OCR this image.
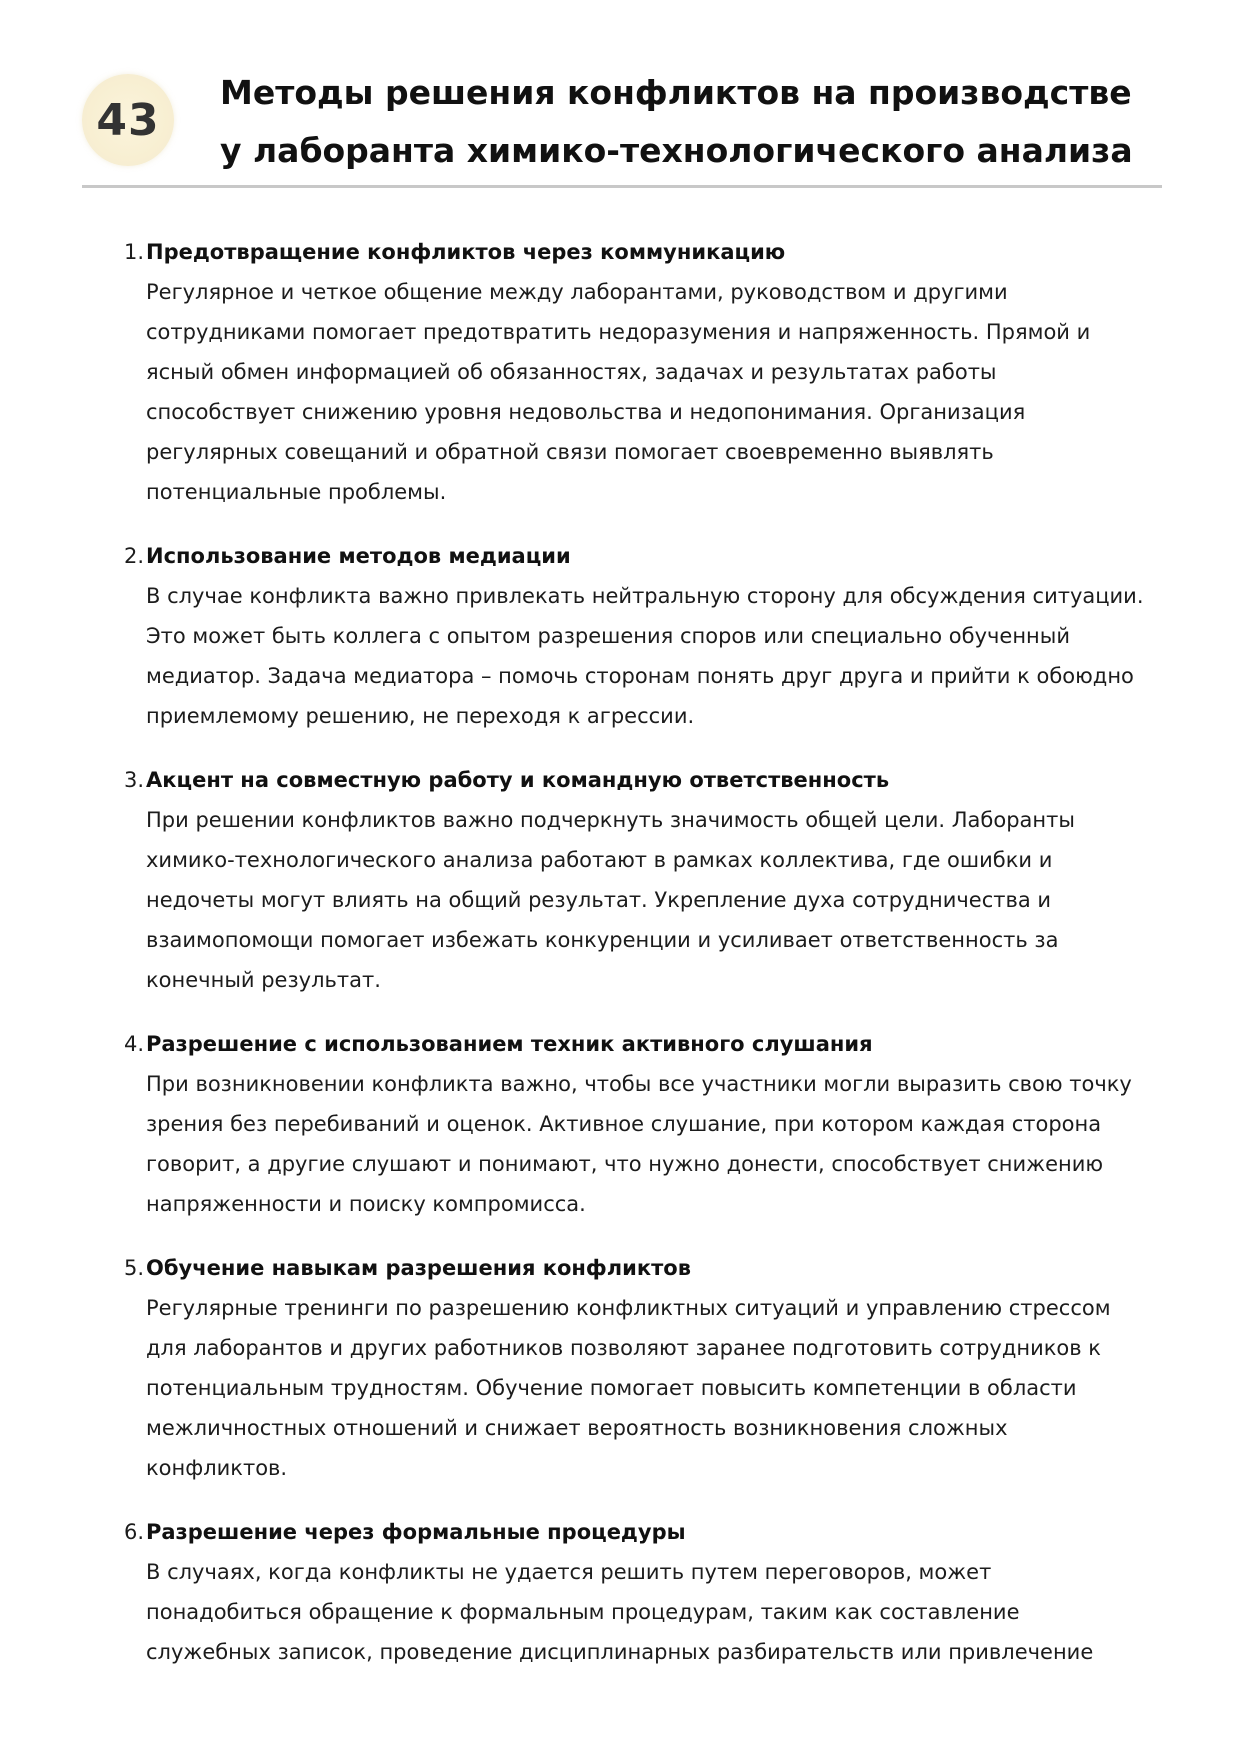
43
Методы решения конфликтов на производстве у лаборанта химико-технологического анализа
1. Предотвращение конфликтов через коммуникацию

Регулярное и четкое общение между лаборантами, руководством и другими сотрудниками помогает предотвратить недоразумения и напряженность. Прямой и ясный обмен информацией об обязанностях, задачах и результатах работы способствует снижению уровня недовольства и недопонимания. Организация регулярных совещаний и обратной связи помогает своевременно выявлять потенциальные проблемы.

2. Использование методов медиации

В случае конфликта важно привлекать нейтральную сторону для обсуждения ситуации. Это может быть коллега с опытом разрешения споров или специально обученный медиатор. Задача медиатора – помочь сторонам понять друг друга и прийти к обоюдно приемлемому решению, не переходя к агрессии.

3. Акцент на совместную работу и командную ответственность

При решении конфликтов важно подчеркнуть значимость общей цели. Лаборанты химико-технологического анализа работают в рамках коллектива, где ошибки и недочеты могут влиять на общий результат. Укрепление духа сотрудничества и взаимопомощи помогает избежать конкуренции и усиливает ответственность за конечный результат.

4. Разрешение с использованием техник активного слушания

При возникновении конфликта важно, чтобы все участники могли выразить свою точку зрения без перебиваний и оценок. Активное слушание, при котором каждая сторона говорит, а другие слушают и понимают, что нужно донести, способствует снижению напряженности и поиску компромисса.

5. Обучение навыкам разрешения конфликтов

Регулярные тренинги по разрешению конфликтных ситуаций и управлению стрессом для лаборантов и других работников позволяют заранее подготовить сотрудников к потенциальным трудностям. Обучение помогает повысить компетенции в области межличностных отношений и снижает вероятность возникновения сложных конфликтов.

6. Разрешение через формальные процедуры

В случаях, когда конфликты не удается решить путем переговоров, может понадобиться обращение к формальным процедурам, таким как составление служебных записок, проведение дисциплинарных разбирательств или привлечение
